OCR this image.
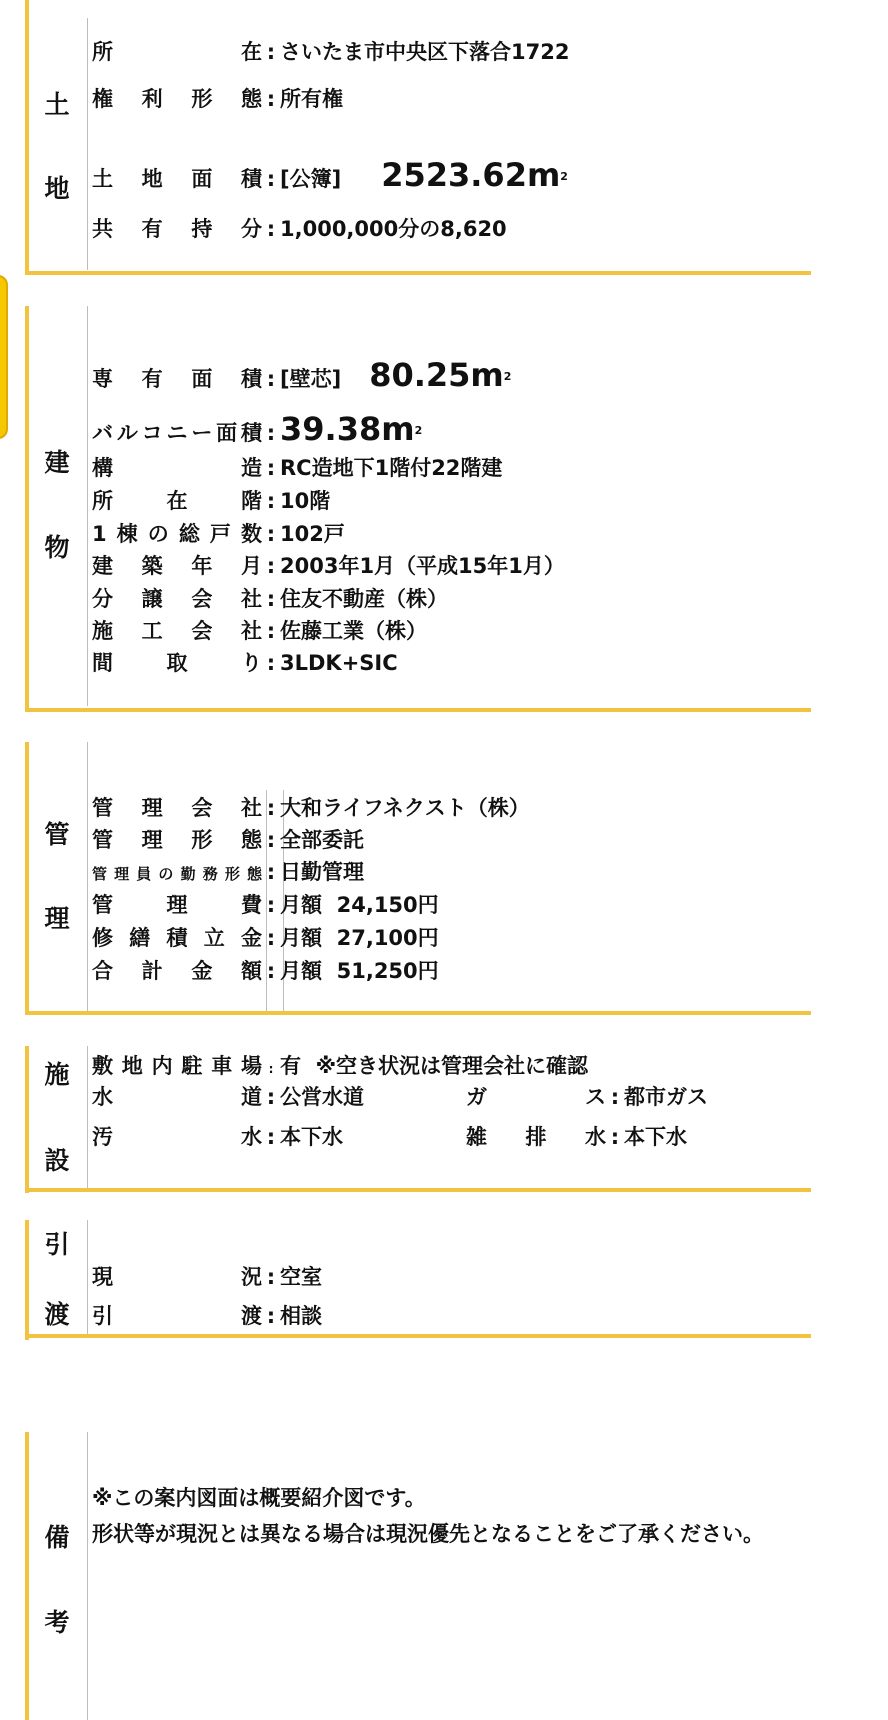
土
地
所在 : さいたま市中央区下落合1722
権利形態 : 所有権
土地面積 : [公簿] 2523.62m 2
共有持分 : 1,000,000分の8,620
建
物
専有面積 : [壁芯] 80.25m 2
バルコニー面積 : 39.38m 2
構造 : RC造地下1階付22階建
所在階 : 10階
1棟の総戸数 : 102戸
建築年月 : 2003年1月（平成15年1月）
分譲会社 : 住友不動産（株）
施工会社 : 佐藤工業（株）
間取り : 3LDK+SIC
管
理
管理会社 : 大和ライフネクスト（株）
管理形態 : 全部委託
管理員の勤務形態 : 日勤管理
管理費 : 月額  24,150円
修繕積立金 : 月額  27,100円
合計金額 : 月額  51,250円
施
設
敷地内駐車場 : 有  ※空き状況は管理会社に確認
水道 : 公営水道	ガス : 都市ガス
汚水 : 本下水	雑排水 : 本下水
引
渡
現況 : 空室
引渡 : 相談
備
考
※この案内図面は概要紹介図です。
形状等が現況とは異なる場合は現況優先となることをご了承ください。
